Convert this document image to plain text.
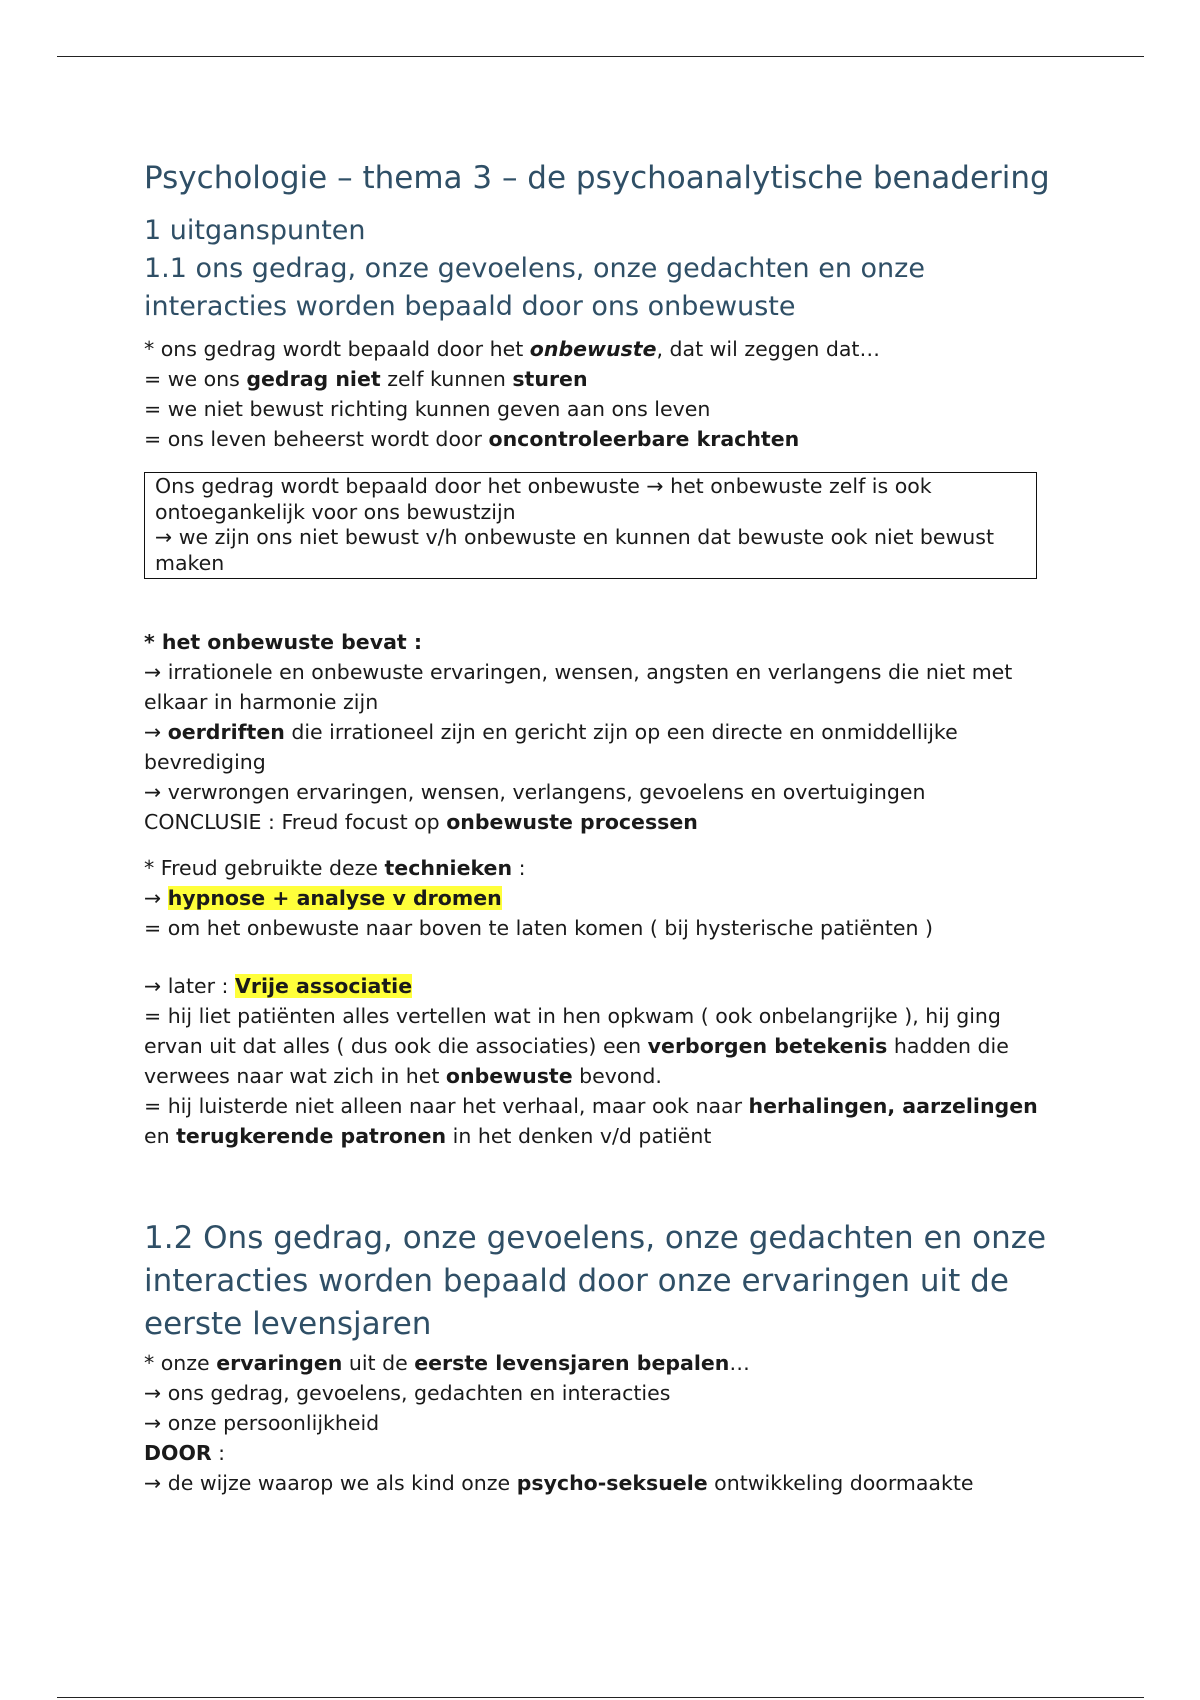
Psychologie – thema 3 – de psychoanalytische benadering
1 uitganspunten
1.1 ons gedrag, onze gevoelens, onze gedachten en onze interacties worden bepaald door ons onbewuste

* ons gedrag wordt bepaald door het onbewuste, dat wil zeggen dat…

= we ons gedrag niet zelf kunnen sturen

= we niet bewust richting kunnen geven aan ons leven

= ons leven beheerst wordt door oncontroleerbare krachten

Ons gedrag wordt bepaald door het onbewuste → het onbewuste zelf is ook ontoegankelijk voor ons bewustzijn

→ we zijn ons niet bewust v/h onbewuste en kunnen dat bewuste ook niet bewust maken

* het onbewuste bevat :

→ irrationele en onbewuste ervaringen, wensen, angsten en verlangens die niet met elkaar in harmonie zijn

→ oerdriften die irrationeel zijn en gericht zijn op een directe en onmiddellijke bevrediging

→ verwrongen ervaringen, wensen, verlangens, gevoelens en overtuigingen

CONCLUSIE : Freud focust op onbewuste processen

* Freud gebruikte deze technieken :

→ hypnose + analyse v dromen

= om het onbewuste naar boven te laten komen ( bij hysterische patiënten )

→ later : Vrije associatie

= hij liet patiënten alles vertellen wat in hen opkwam ( ook onbelangrijke ), hij ging ervan uit dat alles ( dus ook die associaties) een verborgen betekenis hadden die verwees naar wat zich in het onbewuste bevond.

= hij luisterde niet alleen naar het verhaal, maar ook naar herhalingen, aarzelingen en terugkerende patronen in het denken v/d patiënt

1.2 Ons gedrag, onze gevoelens, onze gedachten en onze interacties worden bepaald door onze ervaringen uit de eerste levensjaren

* onze ervaringen uit de eerste levensjaren bepalen…

→ ons gedrag, gevoelens, gedachten en interacties

→ onze persoonlijkheid

DOOR :

→ de wijze waarop we als kind onze psycho-seksuele ontwikkeling doormaakte
